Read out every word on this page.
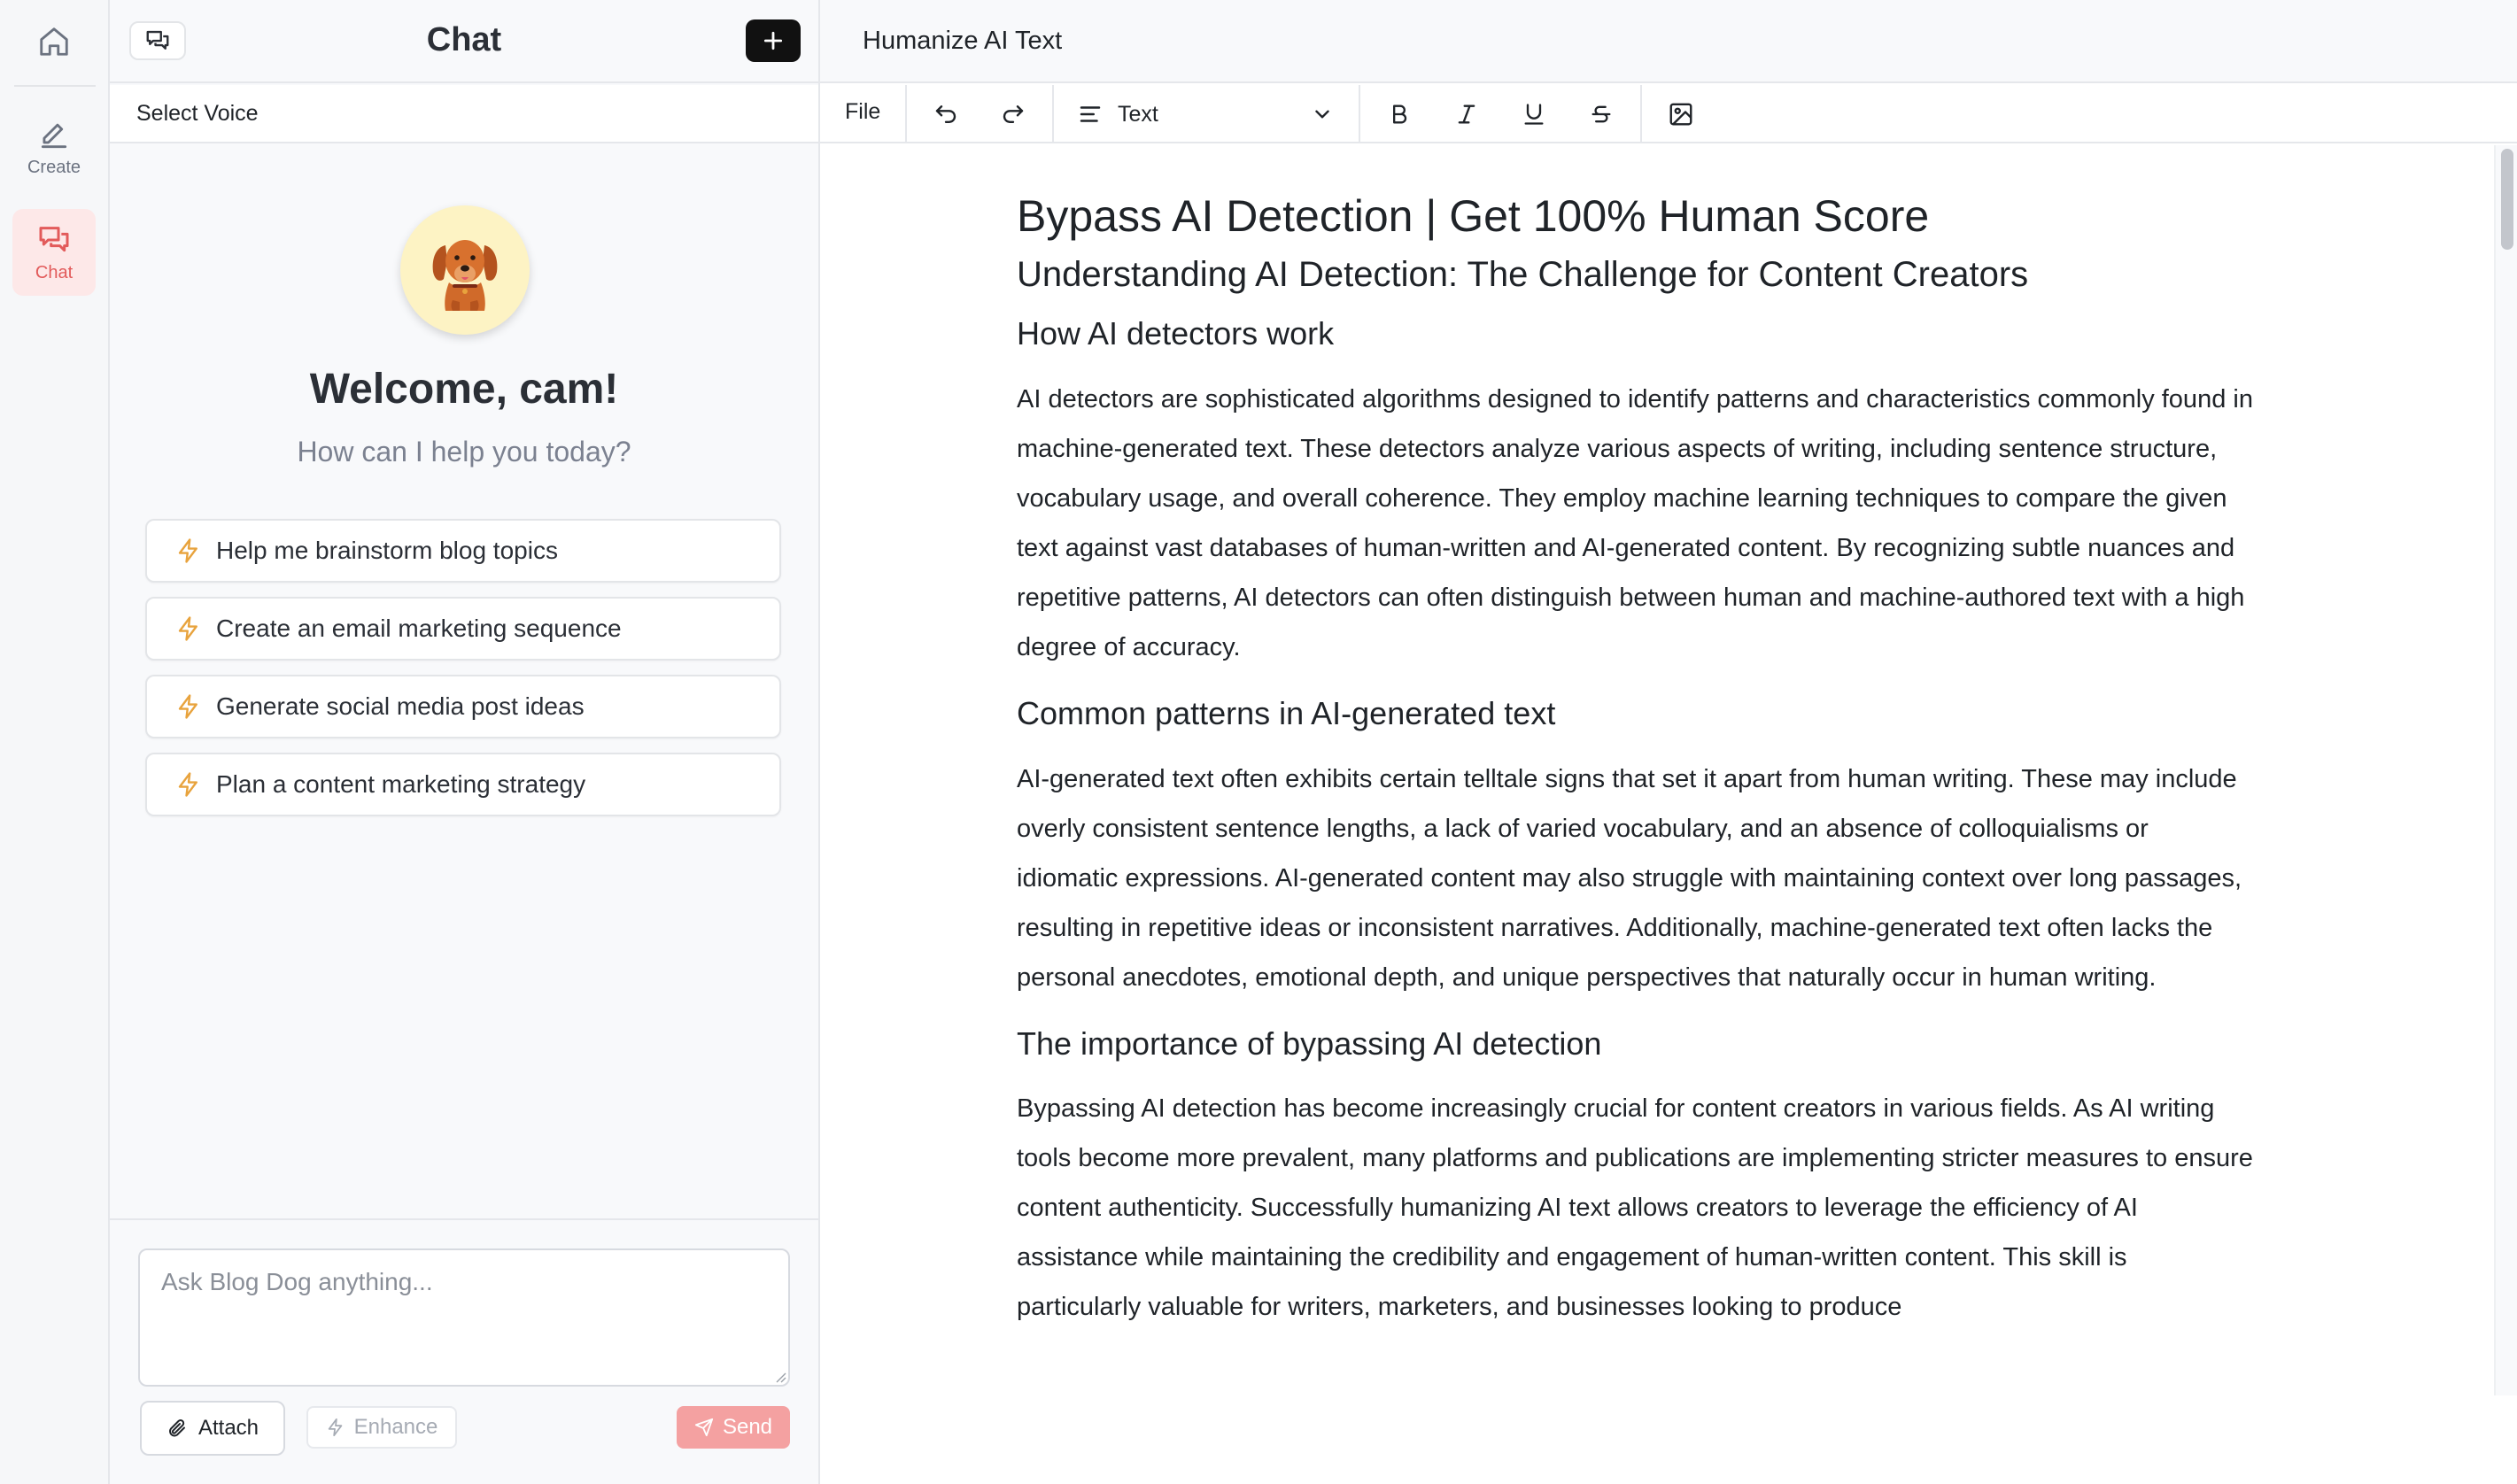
Create
Chat
Chat
Select Voice
Welcome, cam!
How can I help you today?
Help me brainstorm blog topics
Create an email marketing sequence
Generate social media post ideas
Plan a content marketing strategy
Ask Blog Dog anything...
Attach	Enhance	Send
Humanize AI Text
File	Text
Bypass AI Detection | Get 100% Human Score
Understanding AI Detection: The Challenge for Content Creators
How AI detectors work

AI detectors are sophisticated algorithms designed to identify patterns and characteristics commonly found in machine-generated text. These detectors analyze various aspects of writing, including sentence structure, vocabulary usage, and overall coherence. They employ machine learning techniques to compare the given text against vast databases of human-written and AI-generated content. By recognizing subtle nuances and repetitive patterns, AI detectors can often distinguish between human and machine-authored text with a high degree of accuracy.

Common patterns in AI-generated text

AI-generated text often exhibits certain telltale signs that set it apart from human writing. These may include overly consistent sentence lengths, a lack of varied vocabulary, and an absence of colloquialisms or idiomatic expressions. AI-generated content may also struggle with maintaining context over long passages, resulting in repetitive ideas or inconsistent narratives. Additionally, machine-generated text often lacks the personal anecdotes, emotional depth, and unique perspectives that naturally occur in human writing.

The importance of bypassing AI detection

Bypassing AI detection has become increasingly crucial for content creators in various fields. As AI writing tools become more prevalent, many platforms and publications are implementing stricter measures to ensure content authenticity. Successfully humanizing AI text allows creators to leverage the efficiency of AI assistance while maintaining the credibility and engagement of human-written content. This skill is particularly valuable for writers, marketers, and businesses looking to produce
